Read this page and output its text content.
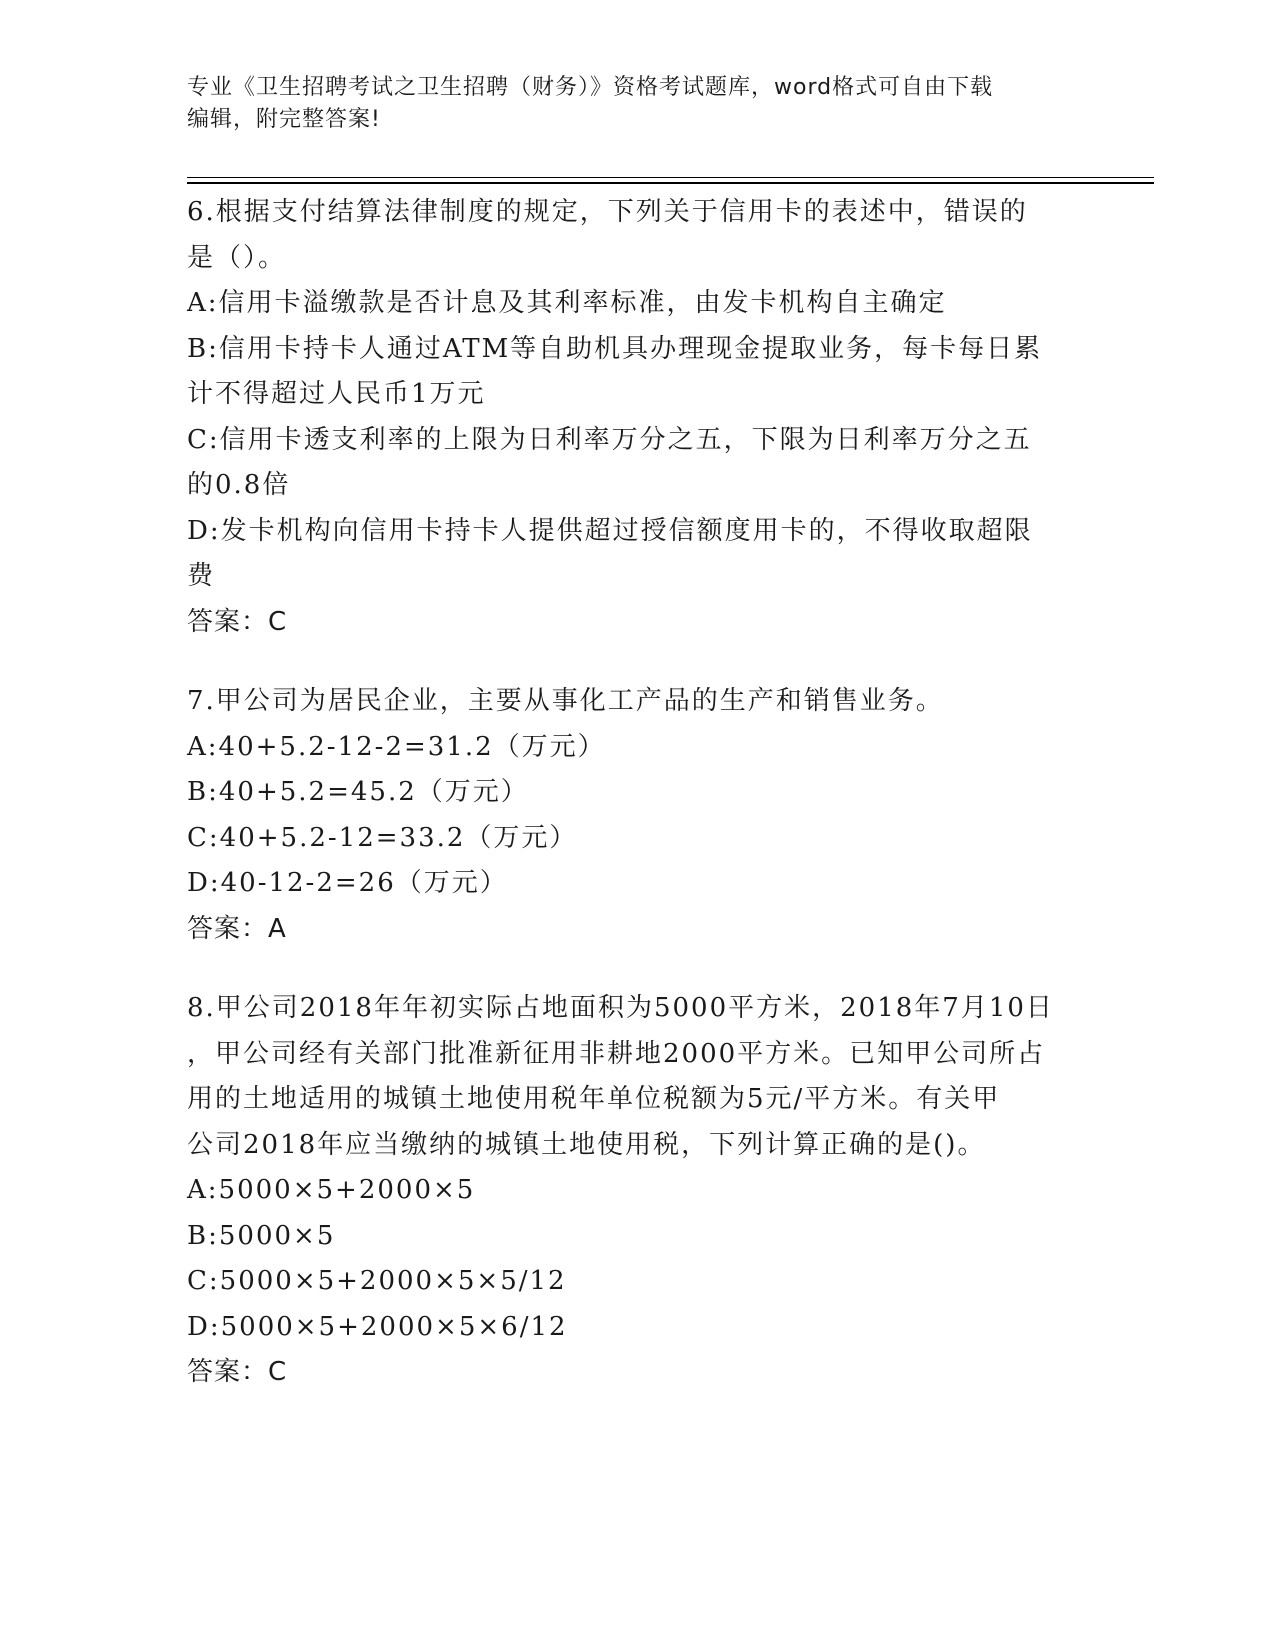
专业《卫生招聘考试之卫生招聘（财务）》资格考试题库，word格式可自由下载
编辑，附完整答案!
6.根据支付结算法律制度的规定，下列关于信用卡的表述中，错误的
是（）。
A:信用卡溢缴款是否计息及其利率标准，由发卡机构自主确定
B:信用卡持卡人通过ATM等自助机具办理现金提取业务，每卡每日累
计不得超过人民币1万元
C:信用卡透支利率的上限为日利率万分之五，下限为日利率万分之五
的0.8倍
D:发卡机构向信用卡持卡人提供超过授信额度用卡的，不得收取超限
费
答案：C
7.甲公司为居民企业，主要从事化工产品的生产和销售业务。
A:40+5.2-12-2=31.2（万元）
B:40+5.2=45.2（万元）
C:40+5.2-12=33.2（万元）
D:40-12-2=26（万元）
答案：A
8.甲公司2018年年初实际占地面积为5000平方米，2018年7月10日
，甲公司经有关部门批准新征用非耕地2000平方米。已知甲公司所占
用的土地适用的城镇土地使用税年单位税额为5元/平方米。有关甲
公司2018年应当缴纳的城镇土地使用税，下列计算正确的是()。
A:5000×5+2000×5
B:5000×5
C:5000×5+2000×5×5/12
D:5000×5+2000×5×6/12
答案：C
